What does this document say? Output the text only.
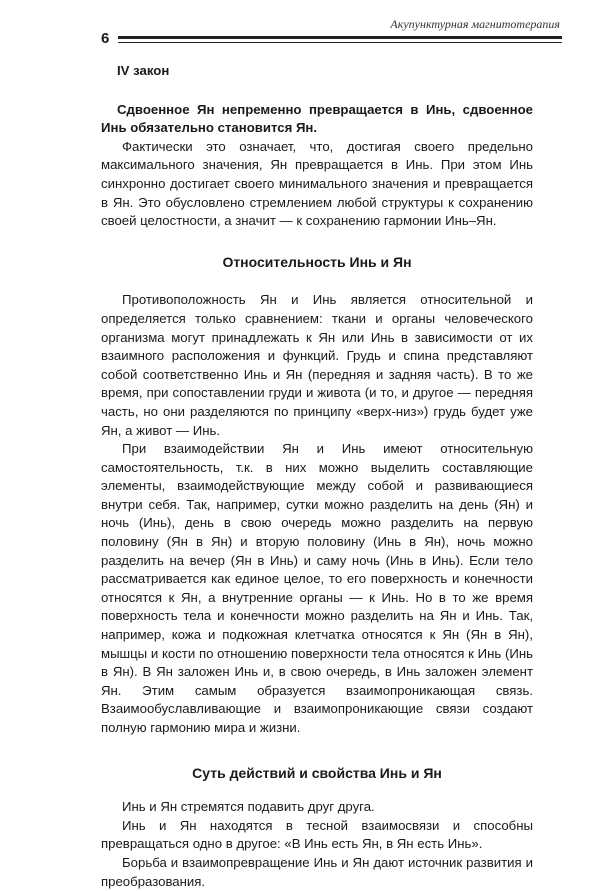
6
Акупунктурная магнитотерапия

IV закон

Сдвоенное Ян непременно превращается в Инь, сдвоенное Инь обязательно становится Ян.

Фактически это означает, что, достигая своего предельно максимального значения, Ян превращается в Инь. При этом Инь синхронно достигает своего минимального значения и превращается в Ян. Это обусловлено стремлением любой структуры к сохранению своей целостности, а значит — к сохранению гармонии Инь–Ян.

Относительность Инь и Ян

Противоположность Ян и Инь является относительной и определяется только сравнением: ткани и органы человеческого организма могут принадлежать к Ян или Инь в зависимости от их взаимного расположения и функций. Грудь и спина представляют собой соответственно Инь и Ян (передняя и задняя часть). В то же время, при сопоставлении груди и живота (и то, и другое — передняя часть, но они разделяются по принципу «верх-низ») грудь будет уже Ян, а живот — Инь.

При взаимодействии Ян и Инь имеют относительную самостоятельность, т.к. в них можно выделить составляющие элементы, взаимодействующие между собой и развивающиеся внутри себя. Так, например, сутки можно разделить на день (Ян) и ночь (Инь), день в свою очередь можно разделить на первую половину (Ян в Ян) и вторую половину (Инь в Ян), ночь можно разделить на вечер (Ян в Инь) и саму ночь (Инь в Инь). Если тело рассматривается как единое целое, то его поверхность и конечности относятся к Ян, а внутренние органы — к Инь. Но в то же время поверхность тела и конечности можно разделить на Ян и Инь. Так, например, кожа и подкожная клетчатка относятся к Ян (Ян в Ян), мышцы и кости по отношению поверхности тела относятся к Инь (Инь в Ян). В Ян заложен Инь и, в свою очередь, в Инь заложен элемент Ян. Этим самым образуется взаимопроникающая связь. Взаимообуславливающие и взаимопроникающие связи создают полную гармонию мира и жизни.

Суть действий и свойства Инь и Ян

Инь и Ян стремятся подавить друг друга.

Инь и Ян находятся в тесной взаимосвязи и способны превращаться одно в другое: «В Инь есть Ян, в Ян есть Инь».

Борьба и взаимопревращение Инь и Ян дают источник развития и преобразования.
